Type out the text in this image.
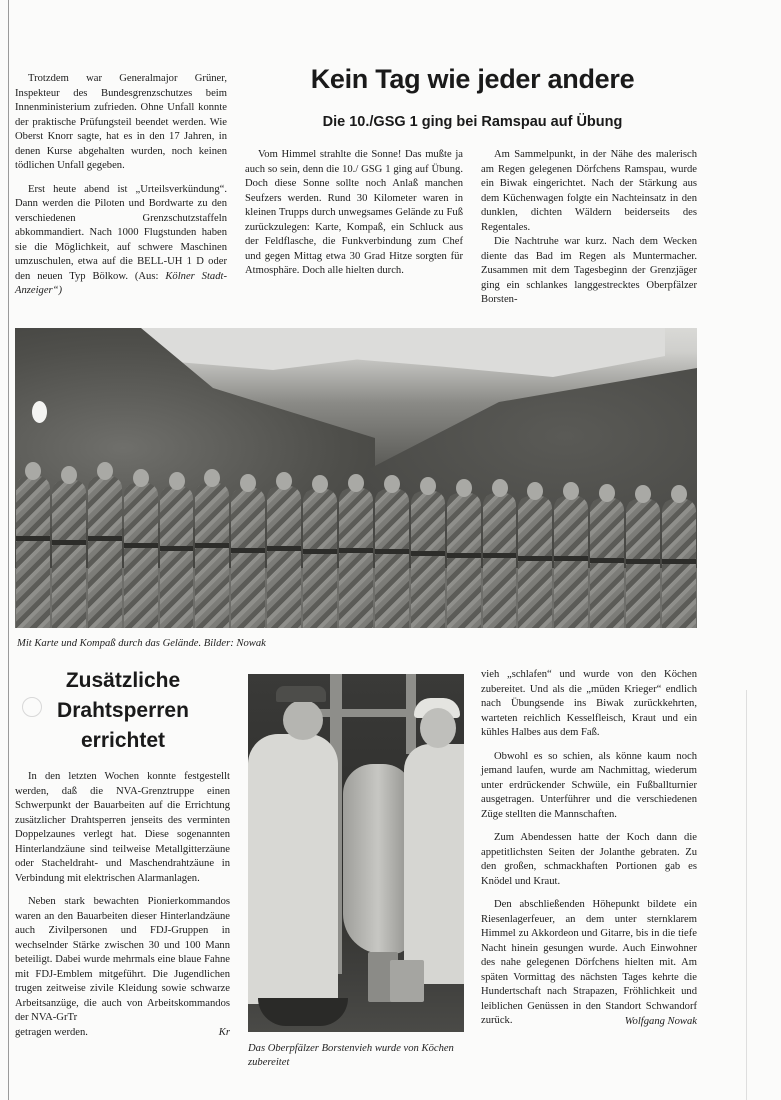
Trotzdem war Generalmajor Grüner, Inspekteur des Bundesgrenzschutzes beim Innenministerium zufrieden. Ohne Unfall konnte der praktische Prüfungsteil beendet werden. Wie Oberst Knorr sagte, hat es in den 17 Jahren, in denen Kurse abgehalten wurden, noch keinen tödlichen Unfall gegeben.

Erst heute abend ist „Urteilsverkündung“. Dann werden die Piloten und Bordwarte zu den verschiedenen Grenzschutzstaffeln abkommandiert. Nach 1000 Flugstunden haben sie die Möglichkeit, auf schwere Maschinen umzuschulen, etwa auf die BELL-UH 1 D oder den neuen Typ Bölkow. (Aus: Kölner Stadt-Anzeiger“)

Kein Tag wie jeder andere
Die 10./GSG 1 ging bei Ramspau auf Übung

Vom Himmel strahlte die Sonne! Das mußte ja auch so sein, denn die 10./ GSG 1 ging auf Übung. Doch diese Sonne sollte noch Anlaß manchen Seufzers werden. Rund 30 Kilometer waren in kleinen Trupps durch unwegsames Gelände zu Fuß zurückzulegen: Karte, Kompaß, ein Schluck aus der Feldflasche, die Funkverbindung zum Chef und gegen Mittag etwa 30 Grad Hitze sorgten für Atmosphäre. Doch alle hielten durch.

Am Sammelpunkt, in der Nähe des malerisch am Regen gelegenen Dörfchens Ramspau, wurde ein Biwak eingerichtet. Nach der Stärkung aus dem Küchenwagen folgte ein Nachteinsatz in den dunklen, dichten Wäldern beiderseits des Regentales.

Die Nachtruhe war kurz. Nach dem Wecken diente das Bad im Regen als Muntermacher. Zusammen mit dem Tagesbeginn der Grenzjäger ging ein schlankes langgestrecktes Oberpfälzer Borsten-

Mit Karte und Kompaß durch das Gelände. Bilder: Nowak
Zusätzliche
Drahtsperren
errichtet

In den letzten Wochen konnte festgestellt werden, daß die NVA-Grenztruppe einen Schwerpunkt der Bauarbeiten auf die Errichtung zusätzlicher Drahtsperren jenseits des verminten Doppelzaunes verlegt hat. Diese sogenannten Hinterlandzäune sind teilweise Metallgitterzäune oder Stacheldraht- und Maschendrahtzäune in Verbindung mit elektrischen Alarmanlagen.

Neben stark bewachten Pionierkommandos waren an den Bauarbeiten dieser Hinterlandzäune auch Zivilpersonen und FDJ-Gruppen in wechselnder Stärke zwischen 30 und 100 Mann beteiligt. Dabei wurde mehrmals eine blaue Fahne mit FDJ-Emblem mitgeführt. Die Jugendlichen trugen zeitweise zivile Kleidung sowie schwarze Arbeitsanzüge, die auch von Arbeitskommandos der NVA-GrTr

getragen werden.	Kr
Das Oberpfälzer Borstenvieh wurde von Köchen zubereitet

vieh „schlafen“ und wurde von den Köchen zubereitet. Und als die „müden Krieger“ endlich nach Übungsende ins Biwak zurückkehrten, warteten reichlich Kesselfleisch, Kraut und ein kühles Halbes aus dem Faß.

Obwohl es so schien, als könne kaum noch jemand laufen, wurde am Nachmittag, wiederum unter erdrückender Schwüle, ein Fußballturnier ausgetragen. Unterführer und die verschiedenen Züge stellten die Mannschaften.

Zum Abendessen hatte der Koch dann die appetitlichsten Seiten der Jolanthe gebraten. Zu den großen, schmackhaften Portionen gab es Knödel und Kraut.

Den abschließenden Höhepunkt bildete ein Riesenlagerfeuer, an dem unter sternklarem Himmel zu Akkordeon und Gitarre, bis in die tiefe Nacht hinein gesungen wurde. Auch Einwohner des nahe gelegenen Dörfchens hielten mit. Am späten Vormittag des nächsten Tages kehrte die Hundertschaft nach Strapazen, Fröhlichkeit und leiblichen Genüssen in den Standort Schwandorf zurück.	Wolfgang Nowak
